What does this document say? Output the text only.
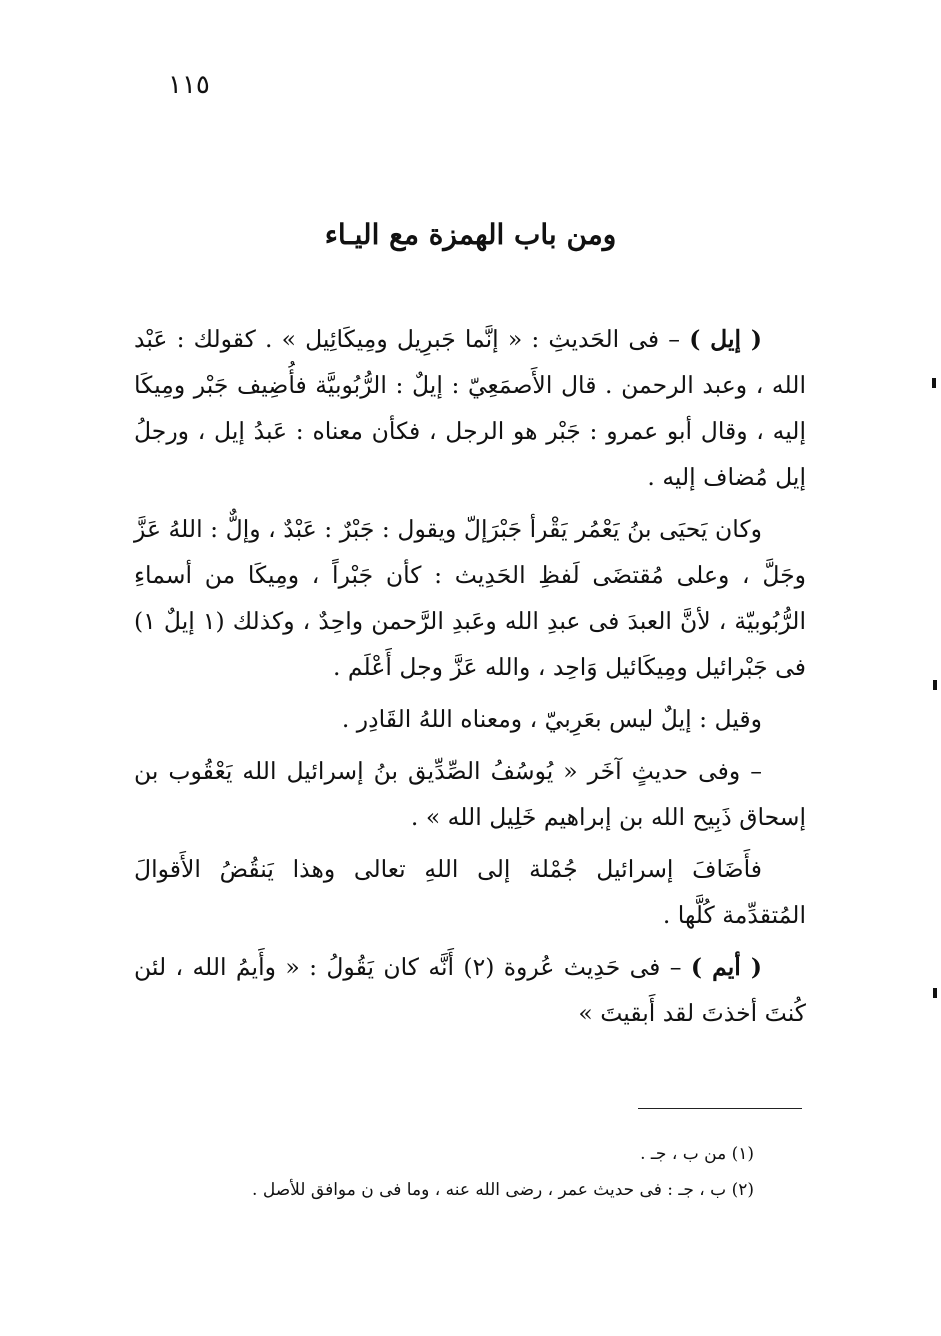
١١٥
ومن باب الهمزة مع اليـاء

( إيل ) – فى الحَديثِ : « إنَّما جَبرِيل ومِيكَائِيل » . كقولك : عَبْد الله ، وعبد الرحمن . قال الأَصمَعِيّ : إيلٌ : الرُّبُوبيَّة فأُضِيف جَبْر ومِيكَا إليه ، وقال أبو عمرو : جَبْر هو الرجل ، فكأن معناه : عَبدُ إيل ، ورجلُ إيل مُضاف إليه .

وكان يَحيَى بنُ يَعْمُر يَقْرأ جَبْرَإلّ ويقول : جَبْرٌ : عَبْدٌ ، وإلٌّ : اللهُ عَزَّ وجَلَّ ، وعلى مُقتضَى لَفظِ الحَدِيث : كأن جَبْراً ، ومِيكَا من أسماءِ الرُّبُوبيّة ، لأنَّ العبدَ فى عبدِ الله وعَبدِ الرَّحمن واحِدٌ ، وكذلك (١ إيلٌ ١) فى جَبْرائيل ومِيكَائيل وَاحِد ، والله عَزَّ وجل أَعْلَم .

وقيل : إيلٌ ليس بعَرِبيّ ، ومعناه اللهُ القَادِر .

– وفى حديثٍ آخَر « يُوسُفُ الصِّدِّيق بنُ إسرائيل الله يَعْقُوب بن إسحاق ذَبِيح الله بن إبراهيم خَلِيل الله » .

فأَضَافَ إسرائيل جُمْلة إلى اللهِ تعالى وهذا يَنقُضُ الأَقوالَ المُتقدِّمة كُلَّها .

( أيم ) – فى حَدِيث عُروة (٢) أَنَّه كان يَقُولُ : « وأَيمُ الله ، لئن كُنتَ أخذتَ لقد أَبقيتَ »

(١) من ب ، جـ .
(٢) ب ، جـ : فى حديث عمر ، رضى الله عنه ، وما فى ن موافق للأصل .
